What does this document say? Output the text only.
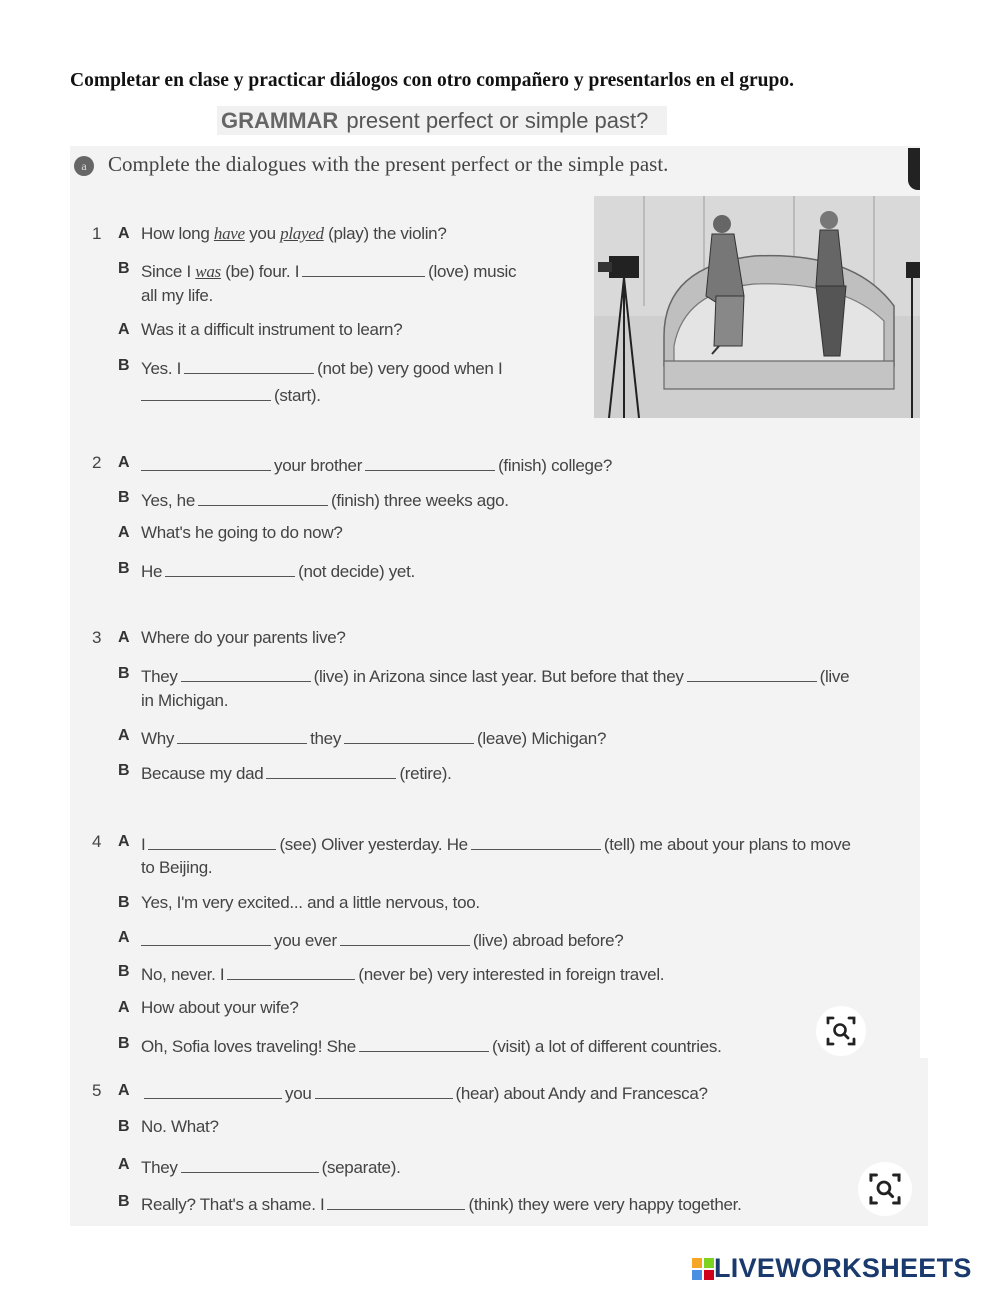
Completar en clase y practicar diálogos con otro compañero y presentarlos en el grupo.
GRAMMAR present perfect or simple past?
a Complete the dialogues with the present perfect or the simple past.
1 A How long have you played (play) the violin?
B Since I was (be) four. I	(love) music
all my life.
A Was it a difficult instrument to learn?
B Yes. I	(not be) very good when I
(start).
2 A	your brother	(finish) college?
B Yes, he	(finish) three weeks ago.
A What's he going to do now?
B He	(not decide) yet.
3 A Where do your parents live?
B They	(live) in Arizona since last year. But before that they	(live
in Michigan.
A Why	they	(leave) Michigan?
B Because my dad	(retire).
4 A I	(see) Oliver yesterday. He	(tell) me about your plans to move
to Beijing.
B Yes, I'm very excited... and a little nervous, too.
A	you ever	(live) abroad before?
B No, never. I	(never be) very interested in foreign travel.
A How about your wife?
B Oh, Sofia loves traveling! She	(visit) a lot of different countries.
5 A	you	(hear) about Andy and Francesca?
B No. What?
A They	(separate).
B Really? That's a shame. I	(think) they were very happy together.
LIVEWORKSHEETS
